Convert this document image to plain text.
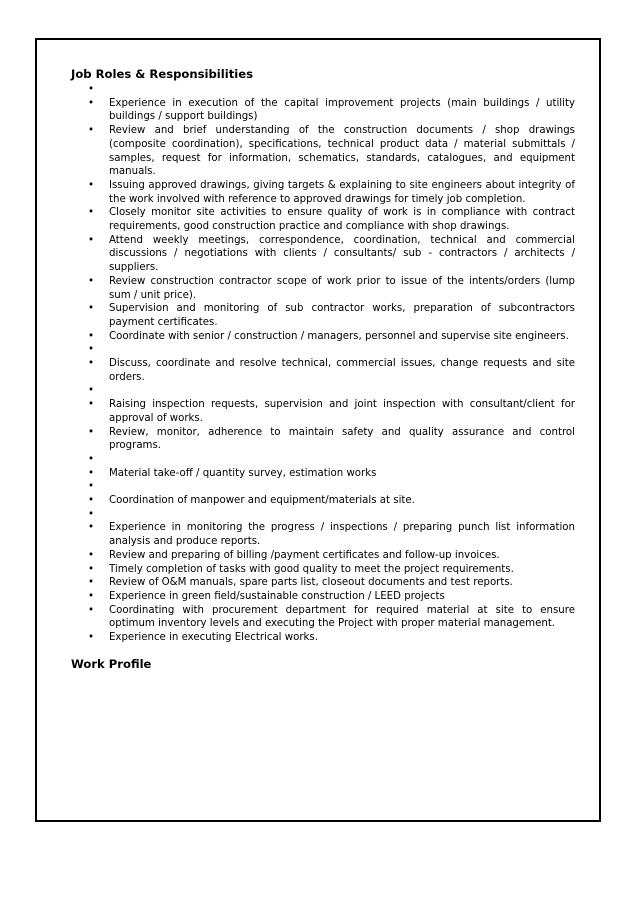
Job Roles & Responsibilities
•
• Experience in execution of the capital improvement projects (main buildings / utility buildings / support buildings)
• Review and brief understanding of the construction documents / shop drawings (composite coordination), specifications, technical product data / material submittals / samples, request for information, schematics, standards, catalogues, and equipment manuals.
• Issuing approved drawings, giving targets & explaining to site engineers about integrity of the work involved with reference to approved drawings for timely job completion.
• Closely monitor site activities to ensure quality of work is in compliance with contract requirements, good construction practice and compliance with shop drawings.
• Attend weekly meetings, correspondence, coordination, technical and commercial discussions / negotiations with clients / consultants/ sub - contractors / architects / suppliers.
• Review construction contractor scope of work prior to issue of the intents/orders (lump sum / unit price).
• Supervision and monitoring of sub contractor works, preparation of subcontractors payment certificates.
• Coordinate with senior / construction / managers, personnel and supervise site engineers.
•
• Discuss, coordinate and resolve technical, commercial issues, change requests and site orders.
•
• Raising inspection requests, supervision and joint inspection with consultant/client for approval of works.
• Review, monitor, adherence to maintain safety and quality assurance and control programs.
•
• Material take-off / quantity survey, estimation works
•
• Coordination of manpower and equipment/materials at site.
•
• Experience in monitoring the progress / inspections / preparing punch list information analysis and produce reports.
• Review and preparing of billing /payment certificates and follow-up invoices.
• Timely completion of tasks with good quality to meet the project requirements.
• Review of O&M manuals, spare parts list, closeout documents and test reports.
• Experience in green field/sustainable construction / LEED projects
• Coordinating with procurement department for required material at site to ensure optimum inventory levels and executing the Project with proper material management.
• Experience in executing Electrical works.
Work Profile
